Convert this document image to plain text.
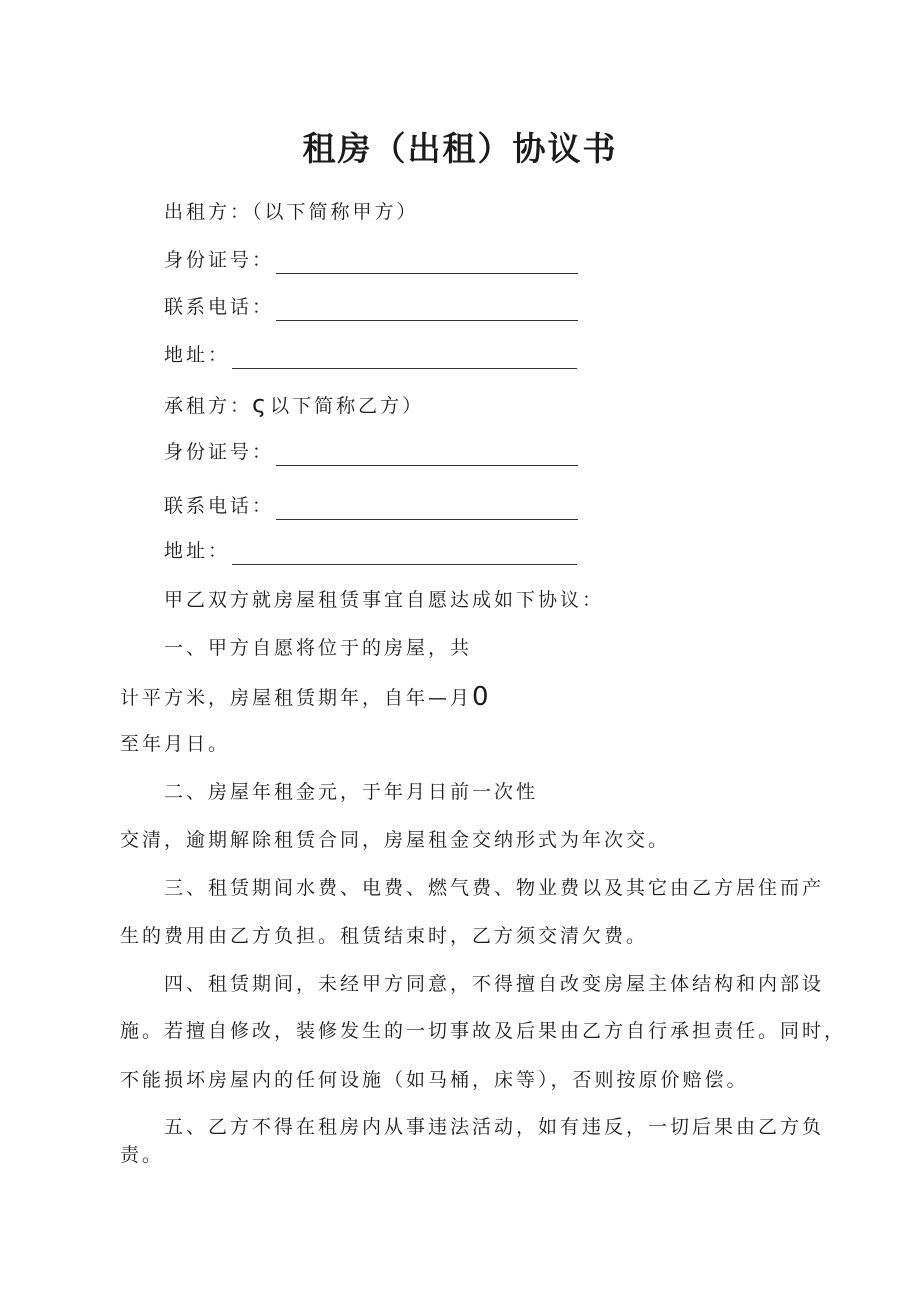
租房（出租）协议书
出租方：（以下简称甲方）
身份证号：
联系电话：
地址：
承租方：ς以下简称乙方）
身份证号：
联系电话：
地址：
甲乙双方就房屋租赁事宜自愿达成如下协议：
一、甲方自愿将位于的房屋，共
计平方米，房屋租赁期年，自年—月0
至年月日。
二、房屋年租金元，于年月日前一次性
交清，逾期解除租赁合同，房屋租金交纳形式为年次交。
三、租赁期间水费、电费、燃气费、物业费以及其它由乙方居住而产
生的费用由乙方负担。租赁结束时，乙方须交清欠费。
四、租赁期间，未经甲方同意，不得擅自改变房屋主体结构和内部设
施。若擅自修改，装修发生的一切事故及后果由乙方自行承担责任。同时，
不能损坏房屋内的任何设施（如马桶，床等），否则按原价赔偿。
五、乙方不得在租房内从事违法活动，如有违反，一切后果由乙方负
责。
